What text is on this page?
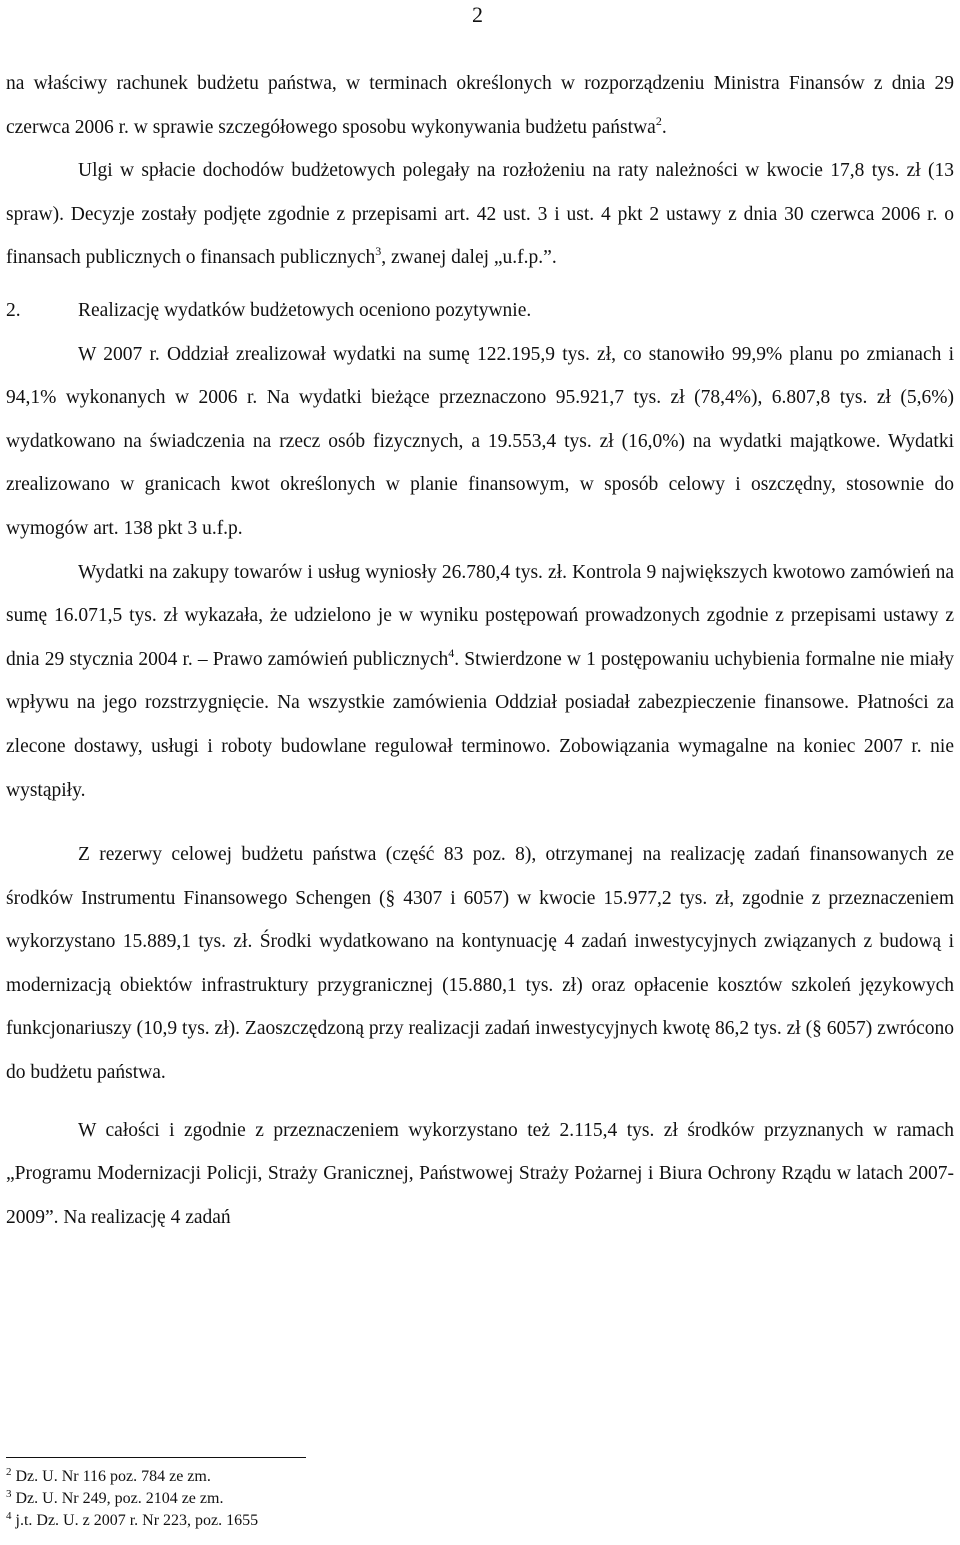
2

na właściwy rachunek budżetu państwa, w terminach określonych w rozporządzeniu Ministra Finansów z dnia 29 czerwca 2006 r. w sprawie szczegółowego sposobu wykonywania budżetu państwa$^2$.

Ulgi w spłacie dochodów budżetowych polegały na rozłożeniu na raty należności w kwocie 17,8 tys. zł (13 spraw). Decyzje zostały podjęte zgodnie z przepisami art. 42 ust. 3 i ust. 4 pkt 2 ustawy z dnia 30 czerwca 2006 r. o finansach publicznych o finansach publicznych$^3$, zwanej dalej „u.f.p.”.

2.	Realizację wydatków budżetowych oceniono pozytywnie.

W 2007 r. Oddział zrealizował wydatki na sumę 122.195,9 tys. zł, co stanowiło 99,9% planu po zmianach i 94,1% wykonanych w 2006 r. Na wydatki bieżące przeznaczono 95.921,7 tys. zł (78,4%), 6.807,8 tys. zł (5,6%) wydatkowano na świadczenia na rzecz osób fizycznych, a 19.553,4 tys. zł (16,0%) na wydatki majątkowe. Wydatki zrealizowano w granicach kwot określonych w planie finansowym, w sposób celowy i oszczędny, stosownie do wymogów art. 138 pkt 3 u.f.p.

Wydatki na zakupy towarów i usług wyniosły 26.780,4 tys. zł. Kontrola 9 największych kwotowo zamówień na sumę 16.071,5 tys. zł wykazała, że udzielono je w wyniku postępowań prowadzonych zgodnie z przepisami ustawy z dnia 29 stycznia 2004 r. – Prawo zamówień publicznych$^4$. Stwierdzone w 1 postępowaniu uchybienia formalne nie miały wpływu na jego rozstrzygnięcie. Na wszystkie zamówienia Oddział posiadał zabezpieczenie finansowe. Płatności za zlecone dostawy, usługi i roboty budowlane regulował terminowo. Zobowiązania wymagalne na koniec 2007 r. nie wystąpiły.

Z rezerwy celowej budżetu państwa (część 83 poz. 8), otrzymanej na realizację zadań finansowanych ze środków Instrumentu Finansowego Schengen (§ 4307 i 6057) w kwocie 15.977,2 tys. zł, zgodnie z przeznaczeniem wykorzystano 15.889,1 tys. zł. Środki wydatkowano na kontynuację 4 zadań inwestycyjnych związanych z budową i modernizacją obiektów infrastruktury przygranicznej (15.880,1 tys. zł) oraz opłacenie kosztów szkoleń językowych funkcjonariuszy (10,9 tys. zł). Zaoszczędzoną przy realizacji zadań inwestycyjnych kwotę 86,2 tys. zł (§ 6057) zwrócono do budżetu państwa.

W całości i zgodnie z przeznaczeniem wykorzystano też 2.115,4 tys. zł środków przyznanych w ramach „Programu Modernizacji Policji, Straży Granicznej, Państwowej Straży Pożarnej i Biura Ochrony Rządu w latach 2007-2009”. Na realizację 4 zadań

$^2$ Dz. U. Nr 116 poz. 784 ze zm.
$^3$ Dz. U. Nr 249, poz. 2104 ze zm.
$^4$ j.t. Dz. U. z 2007 r. Nr 223, poz. 1655
